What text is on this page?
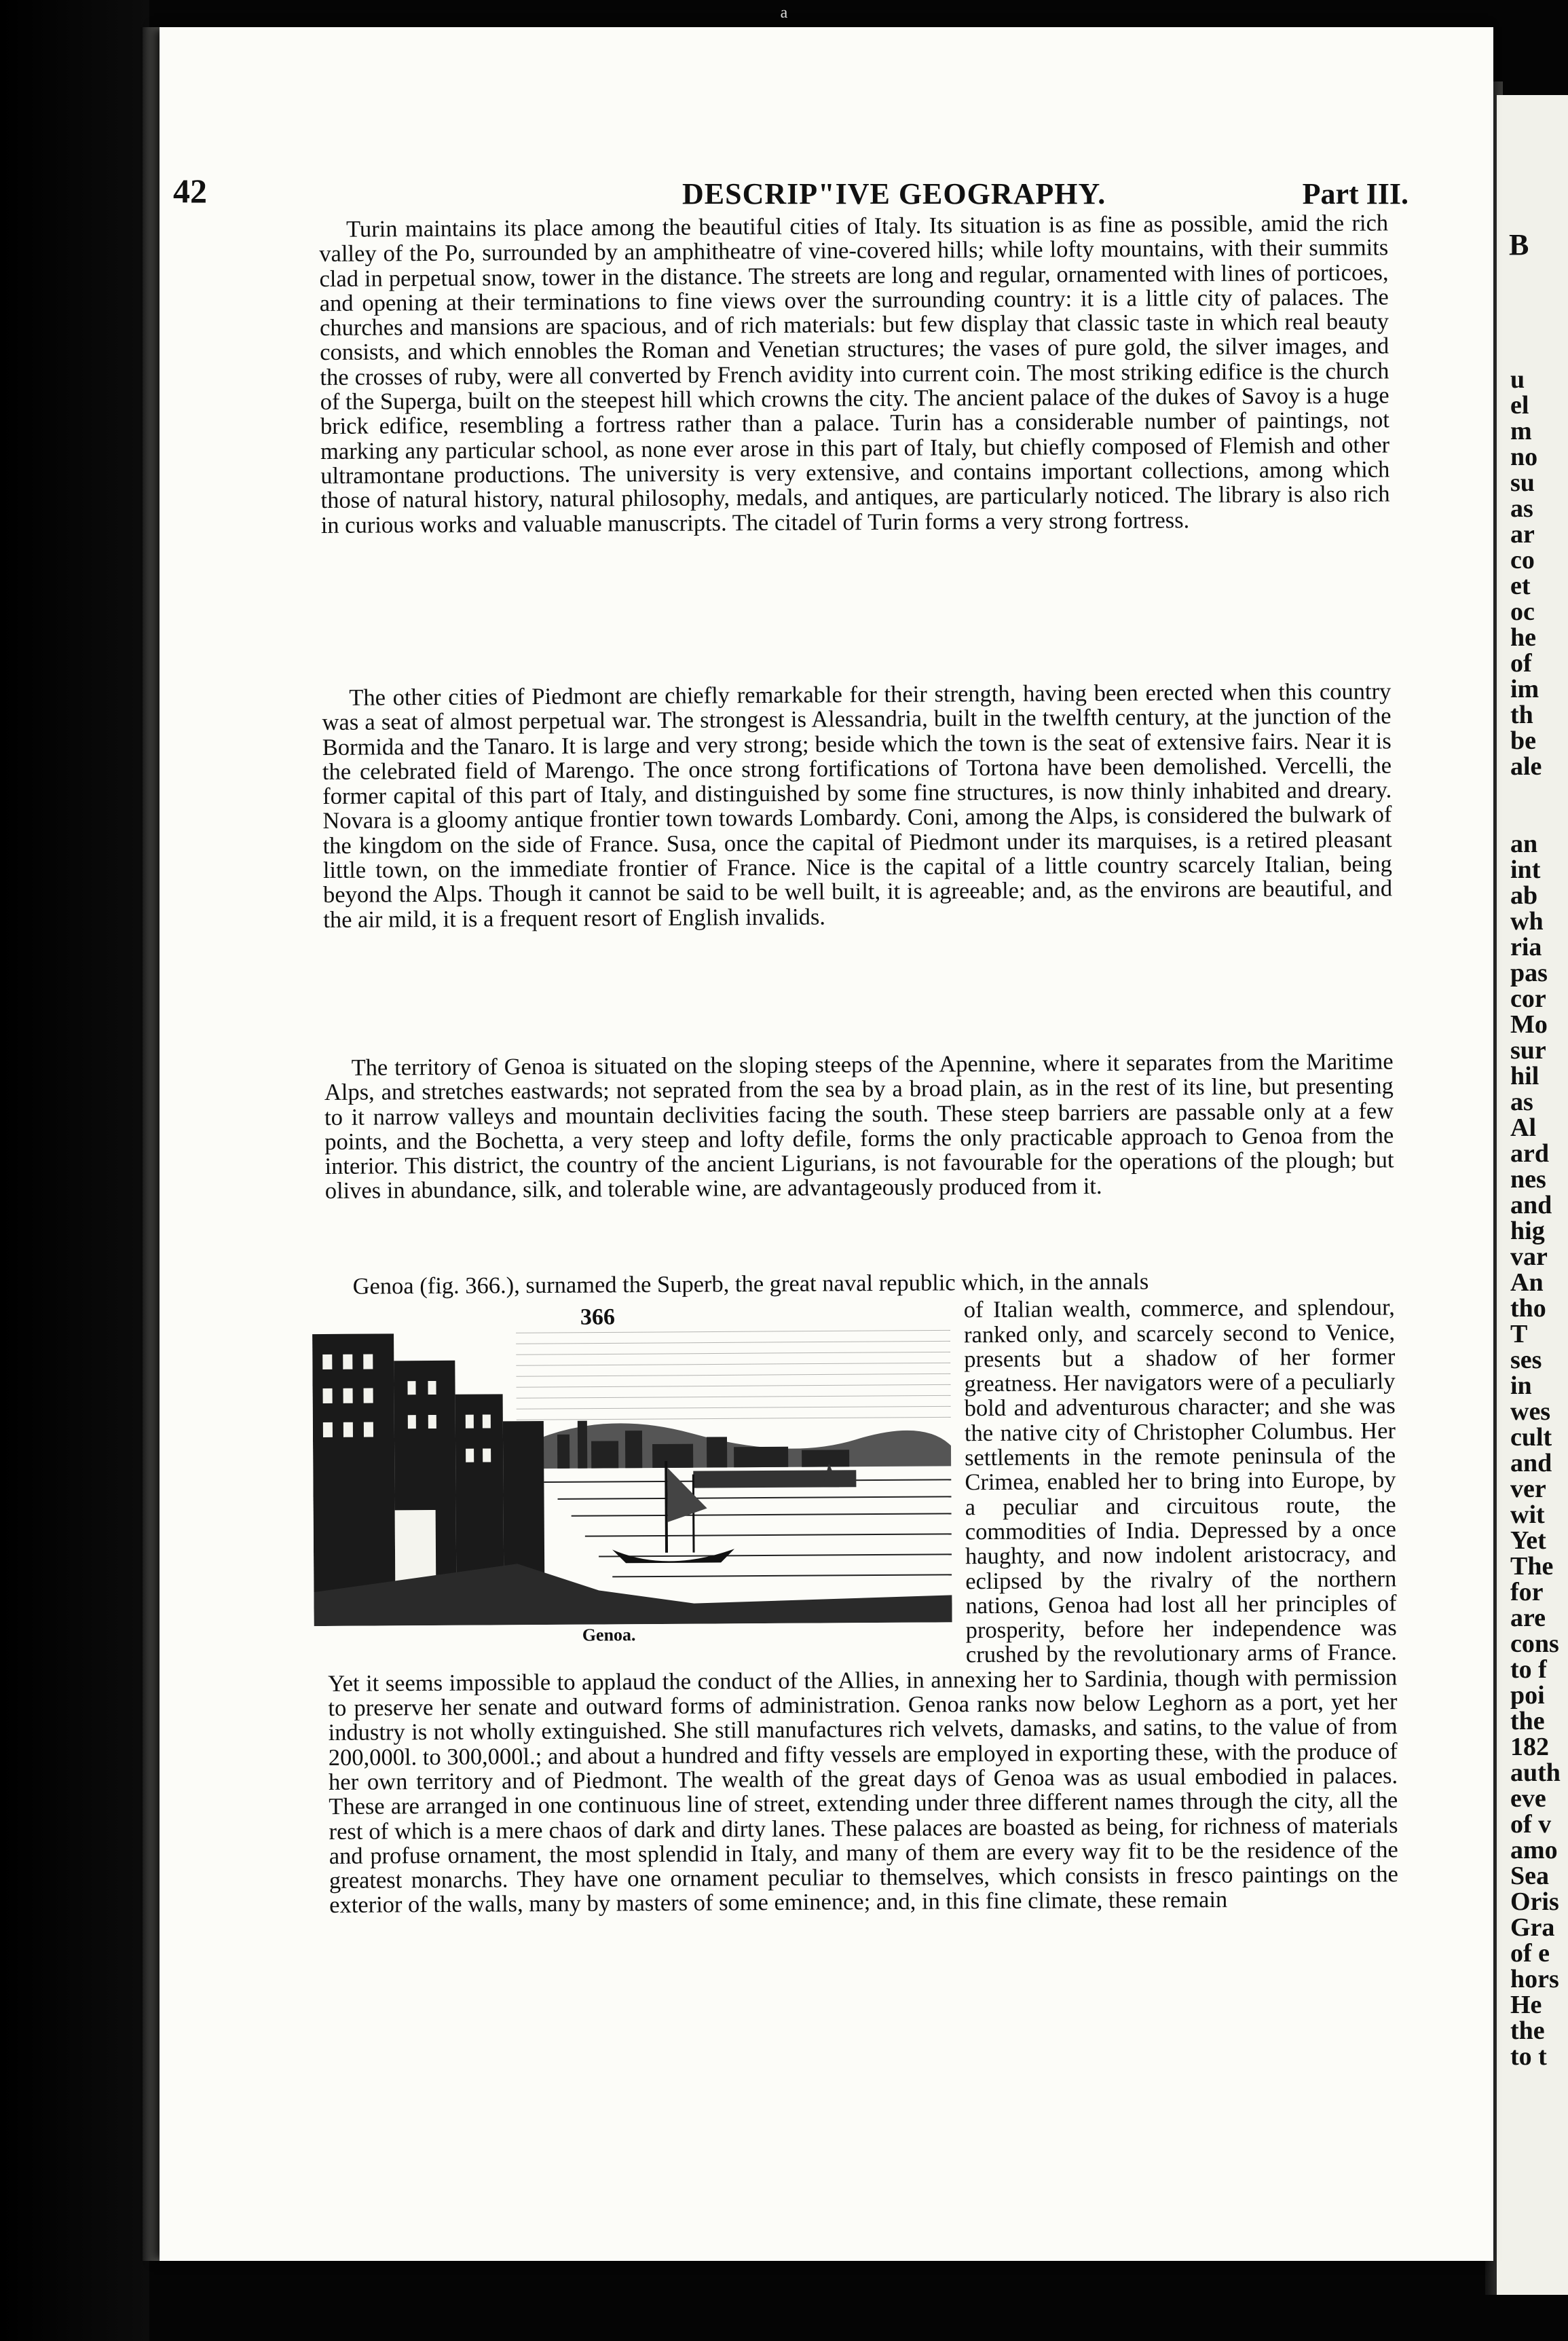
a
B
u
el
m
no
su
as
ar
co
et
oc
he
of
im
th
be
ale
an
int
ab
wh
ria
pas
cor
Mo
sur
hil
as
Al
ard
nes
and
hig
var
An
tho
T
ses
in
wes
cult
and
ver
wit
Yet
The
for
are
cons
to f
poi
the
182
auth
eve
of v
amo
Sea
Oris
Gra
of e
hors
He
the
to t
42	DESCRIP"IVE GEOGRAPHY.	Part III.

Turin maintains its place among the beautiful cities of Italy. Its situation is as fine as possible, amid the rich valley of the Po, surrounded by an amphitheatre of vine-covered hills; while lofty mountains, with their summits clad in perpetual snow, tower in the distance. The streets are long and regular, ornamented with lines of porticoes, and opening at their terminations to fine views over the surrounding country: it is a little city of palaces. The churches and mansions are spacious, and of rich materials: but few display that classic taste in which real beauty consists, and which ennobles the Roman and Venetian structures; the vases of pure gold, the silver images, and the crosses of ruby, were all converted by French avidity into current coin. The most striking edifice is the church of the Superga, built on the steepest hill which crowns the city. The ancient palace of the dukes of Savoy is a huge brick edifice, resembling a fortress rather than a palace. Turin has a considerable number of paintings, not marking any particular school, as none ever arose in this part of Italy, but chiefly composed of Flemish and other ultramontane productions. The university is very extensive, and contains important collections, among which those of natural history, natural philosophy, medals, and antiques, are particularly noticed. The library is also rich in curious works and valuable manuscripts. The citadel of Turin forms a very strong fortress.

The other cities of Piedmont are chiefly remarkable for their strength, having been erected when this country was a seat of almost perpetual war. The strongest is Alessandria, built in the twelfth century, at the junction of the Bormida and the Tanaro. It is large and very strong; beside which the town is the seat of extensive fairs. Near it is the celebrated field of Marengo. The once strong fortifications of Tortona have been demolished. Vercelli, the former capital of this part of Italy, and distinguished by some fine structures, is now thinly inhabited and dreary. Novara is a gloomy antique frontier town towards Lombardy. Coni, among the Alps, is considered the bulwark of the kingdom on the side of France. Susa, once the capital of Piedmont under its marquises, is a retired pleasant little town, on the immediate frontier of France. Nice is the capital of a little country scarcely Italian, being beyond the Alps. Though it cannot be said to be well built, it is agreeable; and, as the environs are beautiful, and the air mild, it is a frequent resort of English invalids.

The territory of Genoa is situated on the sloping steeps of the Apennine, where it separates from the Maritime Alps, and stretches eastwards; not seprated from the sea by a broad plain, as in the rest of its line, but presenting to it narrow valleys and mountain declivities facing the south. These steep barriers are passable only at a few points, and the Bochetta, a very steep and lofty defile, forms the only practicable approach to Genoa from the interior. This district, the country of the ancient Ligurians, is not favourable for the operations of the plough; but olives in abundance, silk, and tolerable wine, are advantageously produced from it.

Genoa (fig. 366.), surnamed the Superb, the great naval republic which, in the annals

366
Genoa.

of Italian wealth, commerce, and splendour, ranked only, and scarcely second to Venice, presents but a shadow of her former greatness. Her navigators were of a peculiarly bold and adventurous character; and she was the native city of Christopher Columbus. Her settlements in the remote peninsula of the Crimea, enabled her to bring into Europe, by a peculiar and circuitous route, the commodities of India. Depressed by a once haughty, and now indolent aristocracy, and eclipsed by the rivalry of the northern nations, Genoa had lost all her principles of prosperity, before her independence was crushed by the revolutionary arms of France. Yet it seems impossible to applaud the conduct of the Allies, in annexing her to Sardinia, though with permission to preserve her senate and outward forms of administration. Genoa ranks now below Leghorn as a port, yet her industry is not wholly extinguished. She still manufactures rich velvets, damasks, and satins, to the value of from 200,000l. to 300,000l.; and about a hundred and fifty vessels are employed in exporting these, with the produce of her own territory and of Piedmont. The wealth of the great days of Genoa was as usual embodied in palaces. These are arranged in one continuous line of street, extending under three different names through the city, all the rest of which is a mere chaos of dark and dirty lanes. These palaces are boasted as being, for richness of materials and profuse ornament, the most splendid in Italy, and many of them are every way fit to be the residence of the greatest monarchs. They have one ornament peculiar to themselves, which consists in fresco paintings on the exterior of the walls, many by masters of some eminence; and, in this fine climate, these remain
